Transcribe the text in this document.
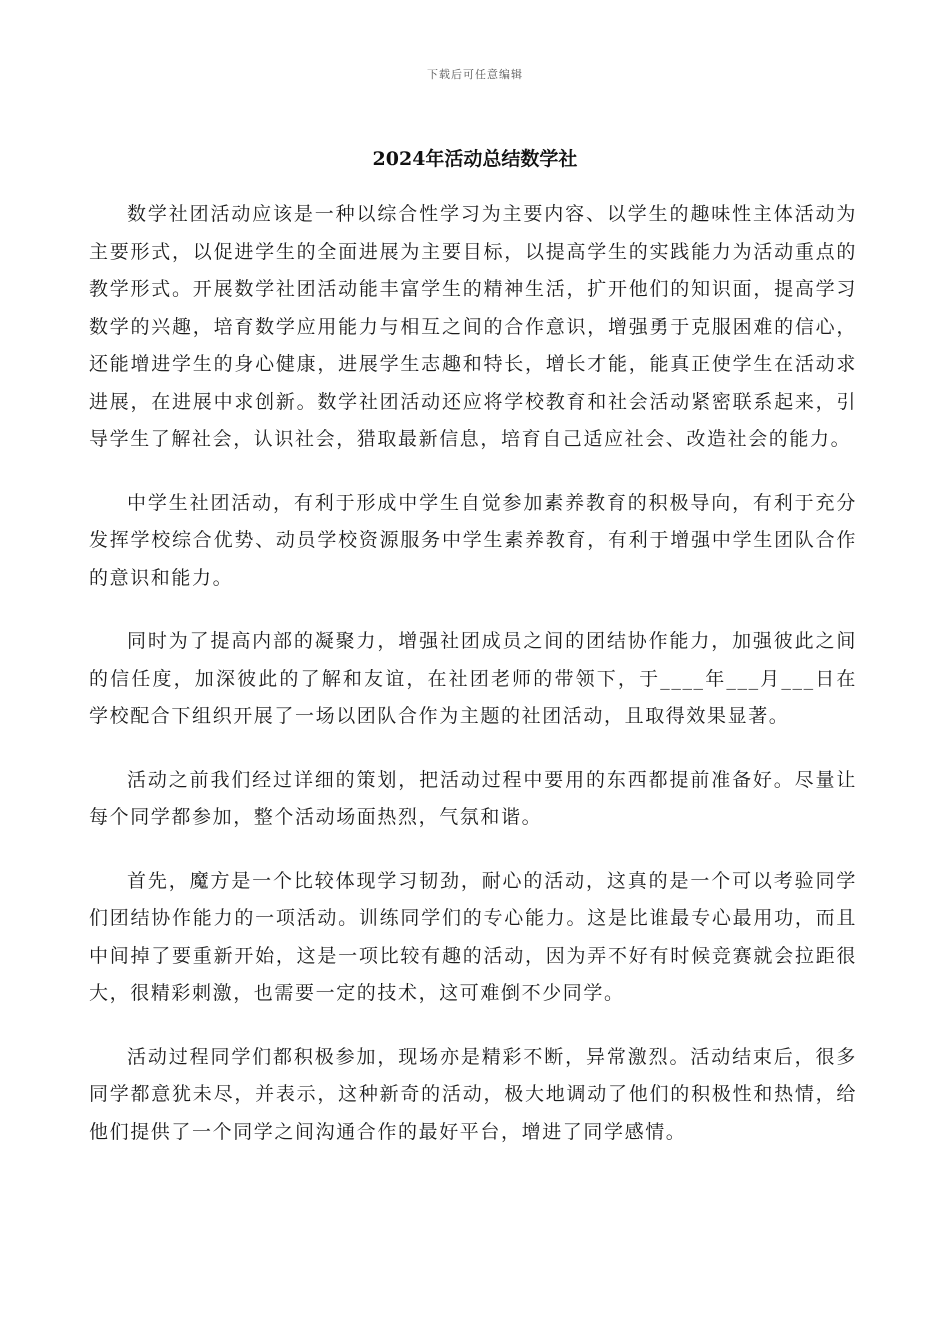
下载后可任意编辑
2024年活动总结数学社

数学社团活动应该是一种以综合性学习为主要内容、以学生的趣味性主体活动为主要形式，以促进学生的全面进展为主要目标，以提高学生的实践能力为活动重点的教学形式。开展数学社团活动能丰富学生的精神生活，扩开他们的知识面，提高学习数学的兴趣，培育数学应用能力与相互之间的合作意识，增强勇于克服困难的信心，还能增进学生的身心健康，进展学生志趣和特长，增长才能，能真正使学生在活动求进展，在进展中求创新。数学社团活动还应将学校教育和社会活动紧密联系起来，引导学生了解社会，认识社会，猎取最新信息，培育自己适应社会、改造社会的能力。

中学生社团活动，有利于形成中学生自觉参加素养教育的积极导向，有利于充分发挥学校综合优势、动员学校资源服务中学生素养教育，有利于增强中学生团队合作的意识和能力。

同时为了提高内部的凝聚力，增强社团成员之间的团结协作能力，加强彼此之间的信任度，加深彼此的了解和友谊，在社团老师的带领下，于____年___月___日在学校配合下组织开展了一场以团队合作为主题的社团活动，且取得效果显著。

活动之前我们经过详细的策划，把活动过程中要用的东西都提前准备好。尽量让每个同学都参加，整个活动场面热烈，气氛和谐。

首先，魔方是一个比较体现学习韧劲，耐心的活动，这真的是一个可以考验同学们团结协作能力的一项活动。训练同学们的专心能力。这是比谁最专心最用功，而且中间掉了要重新开始，这是一项比较有趣的活动，因为弄不好有时候竞赛就会拉距很大，很精彩刺激，也需要一定的技术，这可难倒不少同学。

活动过程同学们都积极参加，现场亦是精彩不断，异常激烈。活动结束后，很多同学都意犹未尽，并表示，这种新奇的活动，极大地调动了他们的积极性和热情，给他们提供了一个同学之间沟通合作的最好平台，增进了同学感情。
